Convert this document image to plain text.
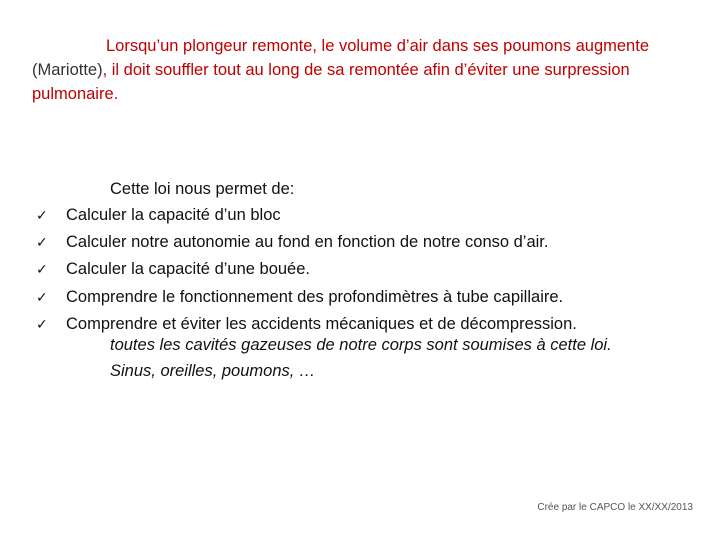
Lorsqu’un plongeur remonte, le volume d’air dans ses poumons augmente (Mariotte), il doit souffler tout au long de sa remontée afin d’éviter une surpression pulmonaire.

Cette loi nous permet de:

✓	Calculer la capacité d’un bloc
✓	Calculer notre autonomie au fond en fonction de notre conso d’air.
✓	Calculer la capacité d’une bouée.
✓	Comprendre le fonctionnement des profondimètres à tube capillaire.
✓	Comprendre et éviter les accidents mécaniques et de décompression.
toutes les cavités gazeuses de notre corps sont soumises à cette loi.
Sinus, oreilles, poumons, …
Crée par le CAPCO le XX/XX/2013
